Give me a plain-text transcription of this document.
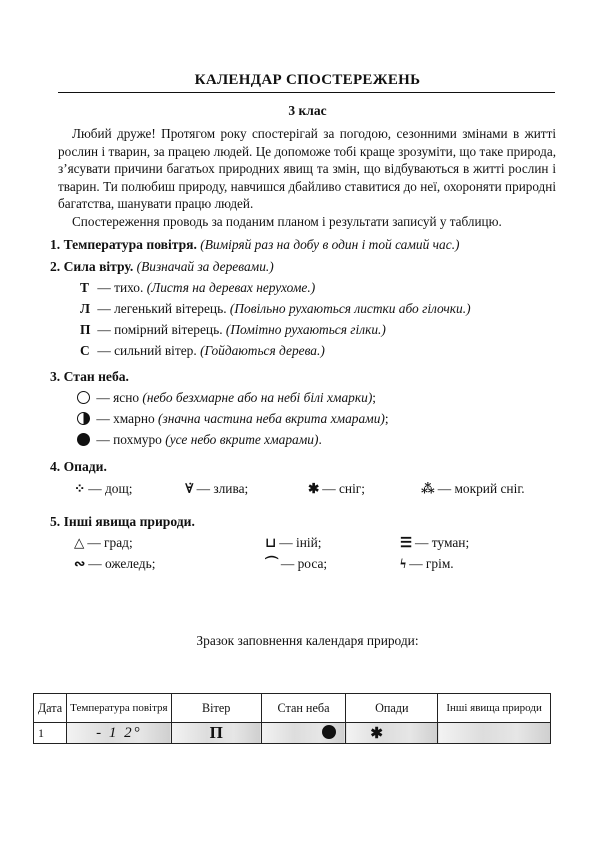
КАЛЕНДАР СПОСТЕРЕЖЕНЬ
3 клас

Любий друже! Протягом року спостерігай за погодою, сезонними змінами в житті рослин і тварин, за працею людей. Це допоможе тобі краще зрозуміти, що таке природа, з’ясувати причини багатьох природних явищ та змін, що відбуваються в житті рослин і тварин. Ти полюбиш природу, навчишся дбайливо ставитися до неї, охороняти природні багатства, шанувати працю людей.

Спостереження проводь за поданим планом і результати записуй у таблицю.

1. Температура повітря. (Виміряй раз на добу в один і той самий час.)
2. Сила вітру. (Визначай за деревами.)
Т — тихо. (Листя на деревах нерухоме.)
Л — легенький вітерець. (Повільно рухаються листки або гілочки.)
П — помірний вітерець. (Помітно рухаються гілки.)
С — сильний вітер. (Гойдаються дерева.)
3. Стан неба.
— ясно (небо безхмарне або на небі білі хмарки);
— хмарно (значна частина неба вкрита хмарами);
— похмуро (усе небо вкрите хмарами).
4. Опади.
⁘ — дощ;	∀̇ — злива;	✱ — сніг;	⁂ — мокрий сніг.
5. Інші явища природи.
△ — град;	⊔ — іній;	☰ — туман;
∾ — ожеледь;	⏜ — роса;	ϟ — грім.
Зразок заповнення календаря природи:
Дата	Температура повітря	Вітер	Стан неба	Опади	Інші явища природи
1	- 1 2°	П		✱	
